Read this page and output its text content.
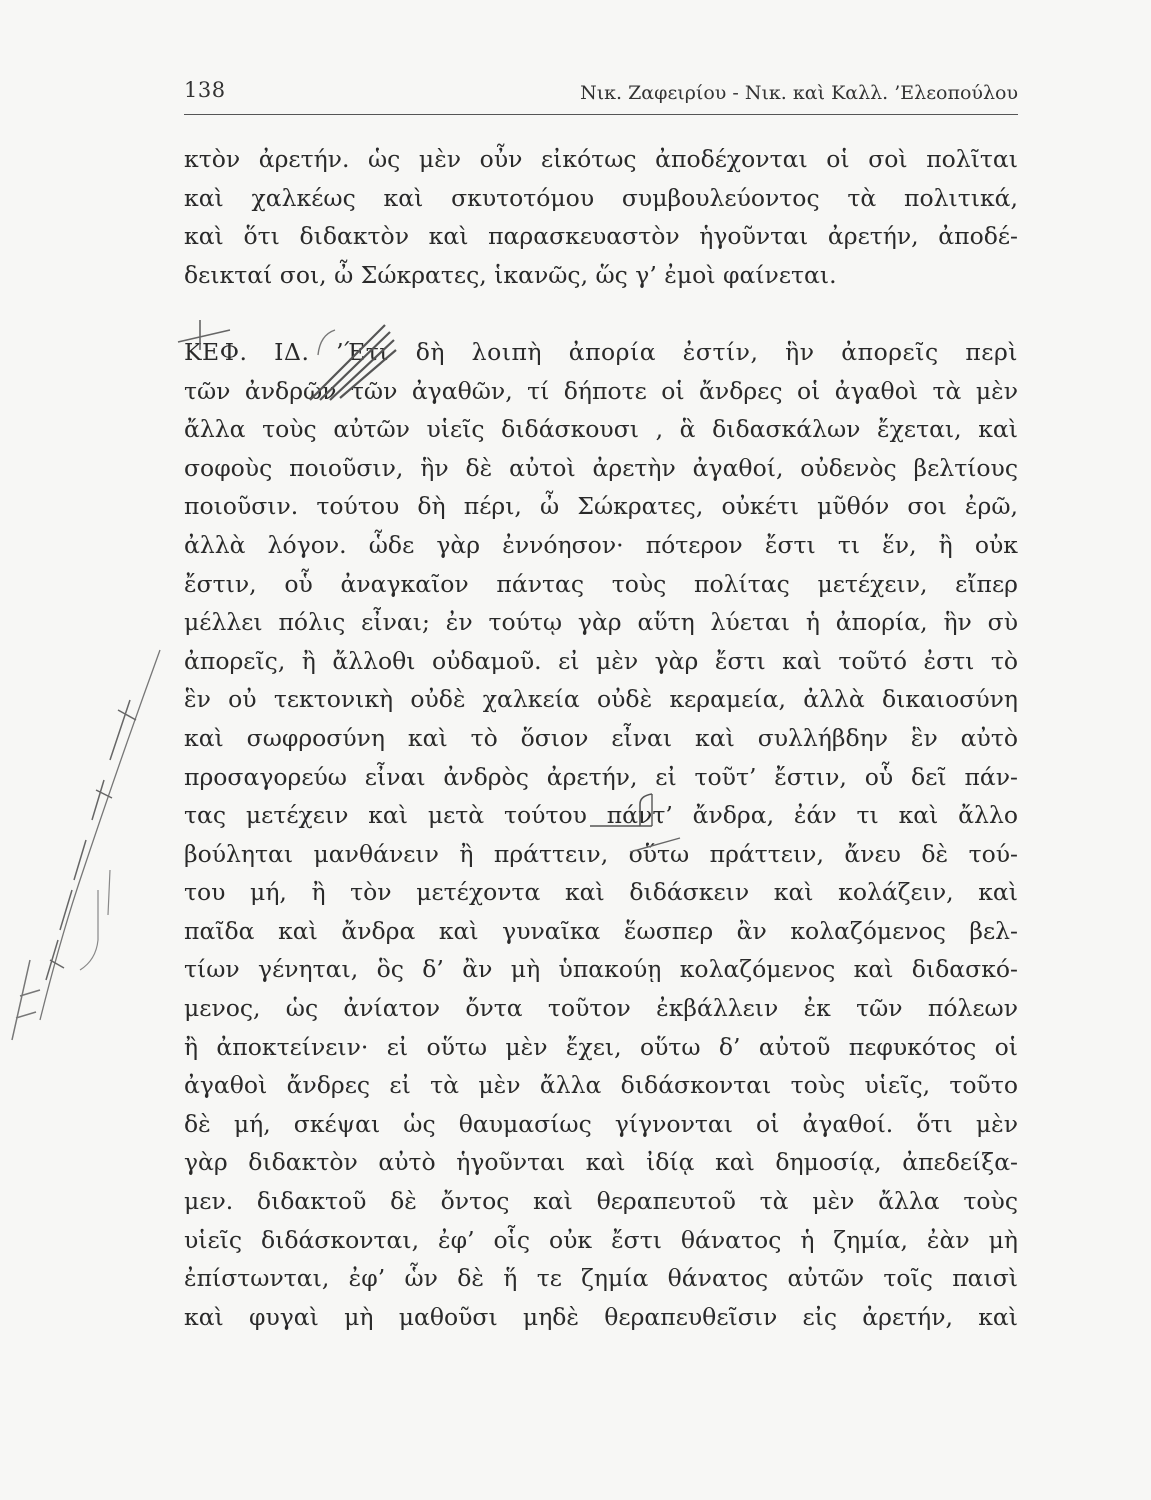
138	Νικ. Ζαφειρίου - Νικ. καὶ Καλλ. ’Ελεοπούλου
κτὸν ἀρετήν. ὡς μὲν οὖν εἰκότως ἀποδέχονται οἱ σοὶ πολῖται
καὶ χαλκέως καὶ σκυτοτόμου συμβουλεύοντος τὰ πολιτικά,
καὶ ὅτι διδακτὸν καὶ παρασκευαστὸν ἡγοῦνται ἀρετήν, ἀποδέ-
δεικταί σοι, ὦ Σώκρατες, ἱκανῶς, ὥς γ’ ἐμοὶ φαίνεται.
ΚΕΦ. ΙΔ. ’Έτι δὴ λοιπὴ ἀπορία ἐστίν, ἣν ἀπορεῖς περὶ
τῶν ἀνδρῶν τῶν ἀγαθῶν, τί δήποτε οἱ ἄνδρες οἱ ἀγαθοὶ τὰ μὲν
ἄλλα τοὺς αὐτῶν υἱεῖς διδάσκουσι , ἃ διδασκάλων ἔχεται, καὶ
σοφοὺς ποιοῦσιν, ἣν δὲ αὐτοὶ ἀρετὴν ἀγαθοί, οὐδενὸς βελτίους
ποιοῦσιν. τούτου δὴ πέρι, ὦ Σώκρατες, οὐκέτι μῦθόν σοι ἐρῶ,
ἀλλὰ λόγον. ὧδε γὰρ ἐννόησον· πότερον ἔστι τι ἕν, ἢ οὐκ
ἔστιν, οὗ ἀναγκαῖον πάντας τοὺς πολίτας μετέχειν, εἴπερ
μέλλει πόλις εἶναι; ἐν τούτῳ γὰρ αὕτη λύεται ἡ ἀπορία, ἣν σὺ
ἀπορεῖς, ἢ ἄλλοθι οὐδαμοῦ. εἰ μὲν γὰρ ἔστι καὶ τοῦτό ἐστι τὸ
ἓν οὐ τεκτονικὴ οὐδὲ χαλκεία οὐδὲ κεραμεία, ἀλλὰ δικαιοσύνη
καὶ σωφροσύνη καὶ τὸ ὅσιον εἶναι καὶ συλλήβδην ἓν αὐτὸ
προσαγορεύω εἶναι ἀνδρὸς ἀρετήν, εἰ τοῦτ’ ἔστιν, οὗ δεῖ πάν-
τας μετέχειν καὶ μετὰ τούτου πάντ’ ἄνδρα, ἐάν τι καὶ ἄλλο
βούληται μανθάνειν ἢ πράττειν, οὕτω πράττειν, ἄνευ δὲ τού-
του μή, ἢ τὸν μετέχοντα καὶ διδάσκειν καὶ κολάζειν, καὶ
παῖδα καὶ ἄνδρα καὶ γυναῖκα ἕωσπερ ἂν κολαζόμενος βελ-
τίων γένηται, ὃς δ’ ἂν μὴ ὑπακούῃ κολαζόμενος καὶ διδασκό-
μενος, ὡς ἀνίατον ὄντα τοῦτον ἐκβάλλειν ἐκ τῶν πόλεων
ἢ ἀποκτείνειν· εἰ οὕτω μὲν ἔχει, οὕτω δ’ αὐτοῦ πεφυκότος οἱ
ἀγαθοὶ ἄνδρες εἰ τὰ μὲν ἄλλα διδάσκονται τοὺς υἱεῖς, τοῦτο
δὲ μή, σκέψαι ὡς θαυμασίως γίγνονται οἱ ἀγαθοί. ὅτι μὲν
γὰρ διδακτὸν αὐτὸ ἡγοῦνται καὶ ἰδίᾳ καὶ δημοσίᾳ, ἀπεδείξα-
μεν. διδακτοῦ δὲ ὄντος καὶ θεραπευτοῦ τὰ μὲν ἄλλα τοὺς
υἱεῖς διδάσκονται, ἐφ’ οἷς οὐκ ἔστι θάνατος ἡ ζημία, ἐὰν μὴ
ἐπίστωνται, ἐφ’ ὧν δὲ ἥ τε ζημία θάνατος αὐτῶν τοῖς παισὶ
καὶ φυγαὶ μὴ μαθοῦσι μηδὲ θεραπευθεῖσιν εἰς ἀρετήν, καὶ
